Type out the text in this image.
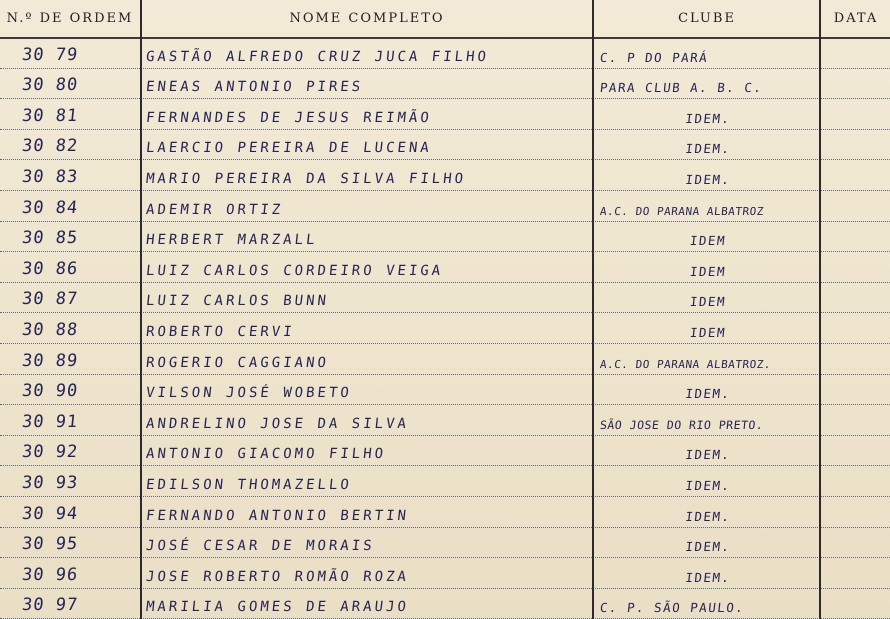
N.º DE ORDEM	NOME COMPLETO	CLUBE	DATA
30 79	GASTÃO ALFREDO CRUZ JUCA FILHO	C. P DO PARÁ
30 80	ENEAS ANTONIO PIRES	PARA CLUB A. B. C.
30 81	FERNANDES DE JESUS REIMÃO	IDEM.
30 82	LAERCIO PEREIRA DE LUCENA	IDEM.
30 83	MARIO PEREIRA DA SILVA FILHO	IDEM.
30 84	ADEMIR ORTIZ	A.C. DO PARANA ALBATROZ
30 85	HERBERT MARZALL	IDEM
30 86	LUIZ CARLOS CORDEIRO VEIGA	IDEM
30 87	LUIZ CARLOS BUNN	IDEM
30 88	ROBERTO CERVI	IDEM
30 89	ROGERIO CAGGIANO	A.C. DO PARANA ALBATROZ.
30 90	VILSON JOSÉ WOBETO	IDEM.
30 91	ANDRELINO JOSE DA SILVA	SÃO JOSE DO RIO PRETO.
30 92	ANTONIO GIACOMO FILHO	IDEM.
30 93	EDILSON THOMAZELLO	IDEM.
30 94	FERNANDO ANTONIO BERTIN	IDEM.
30 95	JOSÉ CESAR DE MORAIS	IDEM.
30 96	JOSE ROBERTO ROMÃO ROZA	IDEM.
30 97	MARILIA GOMES DE ARAUJO	C. P. SÃO PAULO.
